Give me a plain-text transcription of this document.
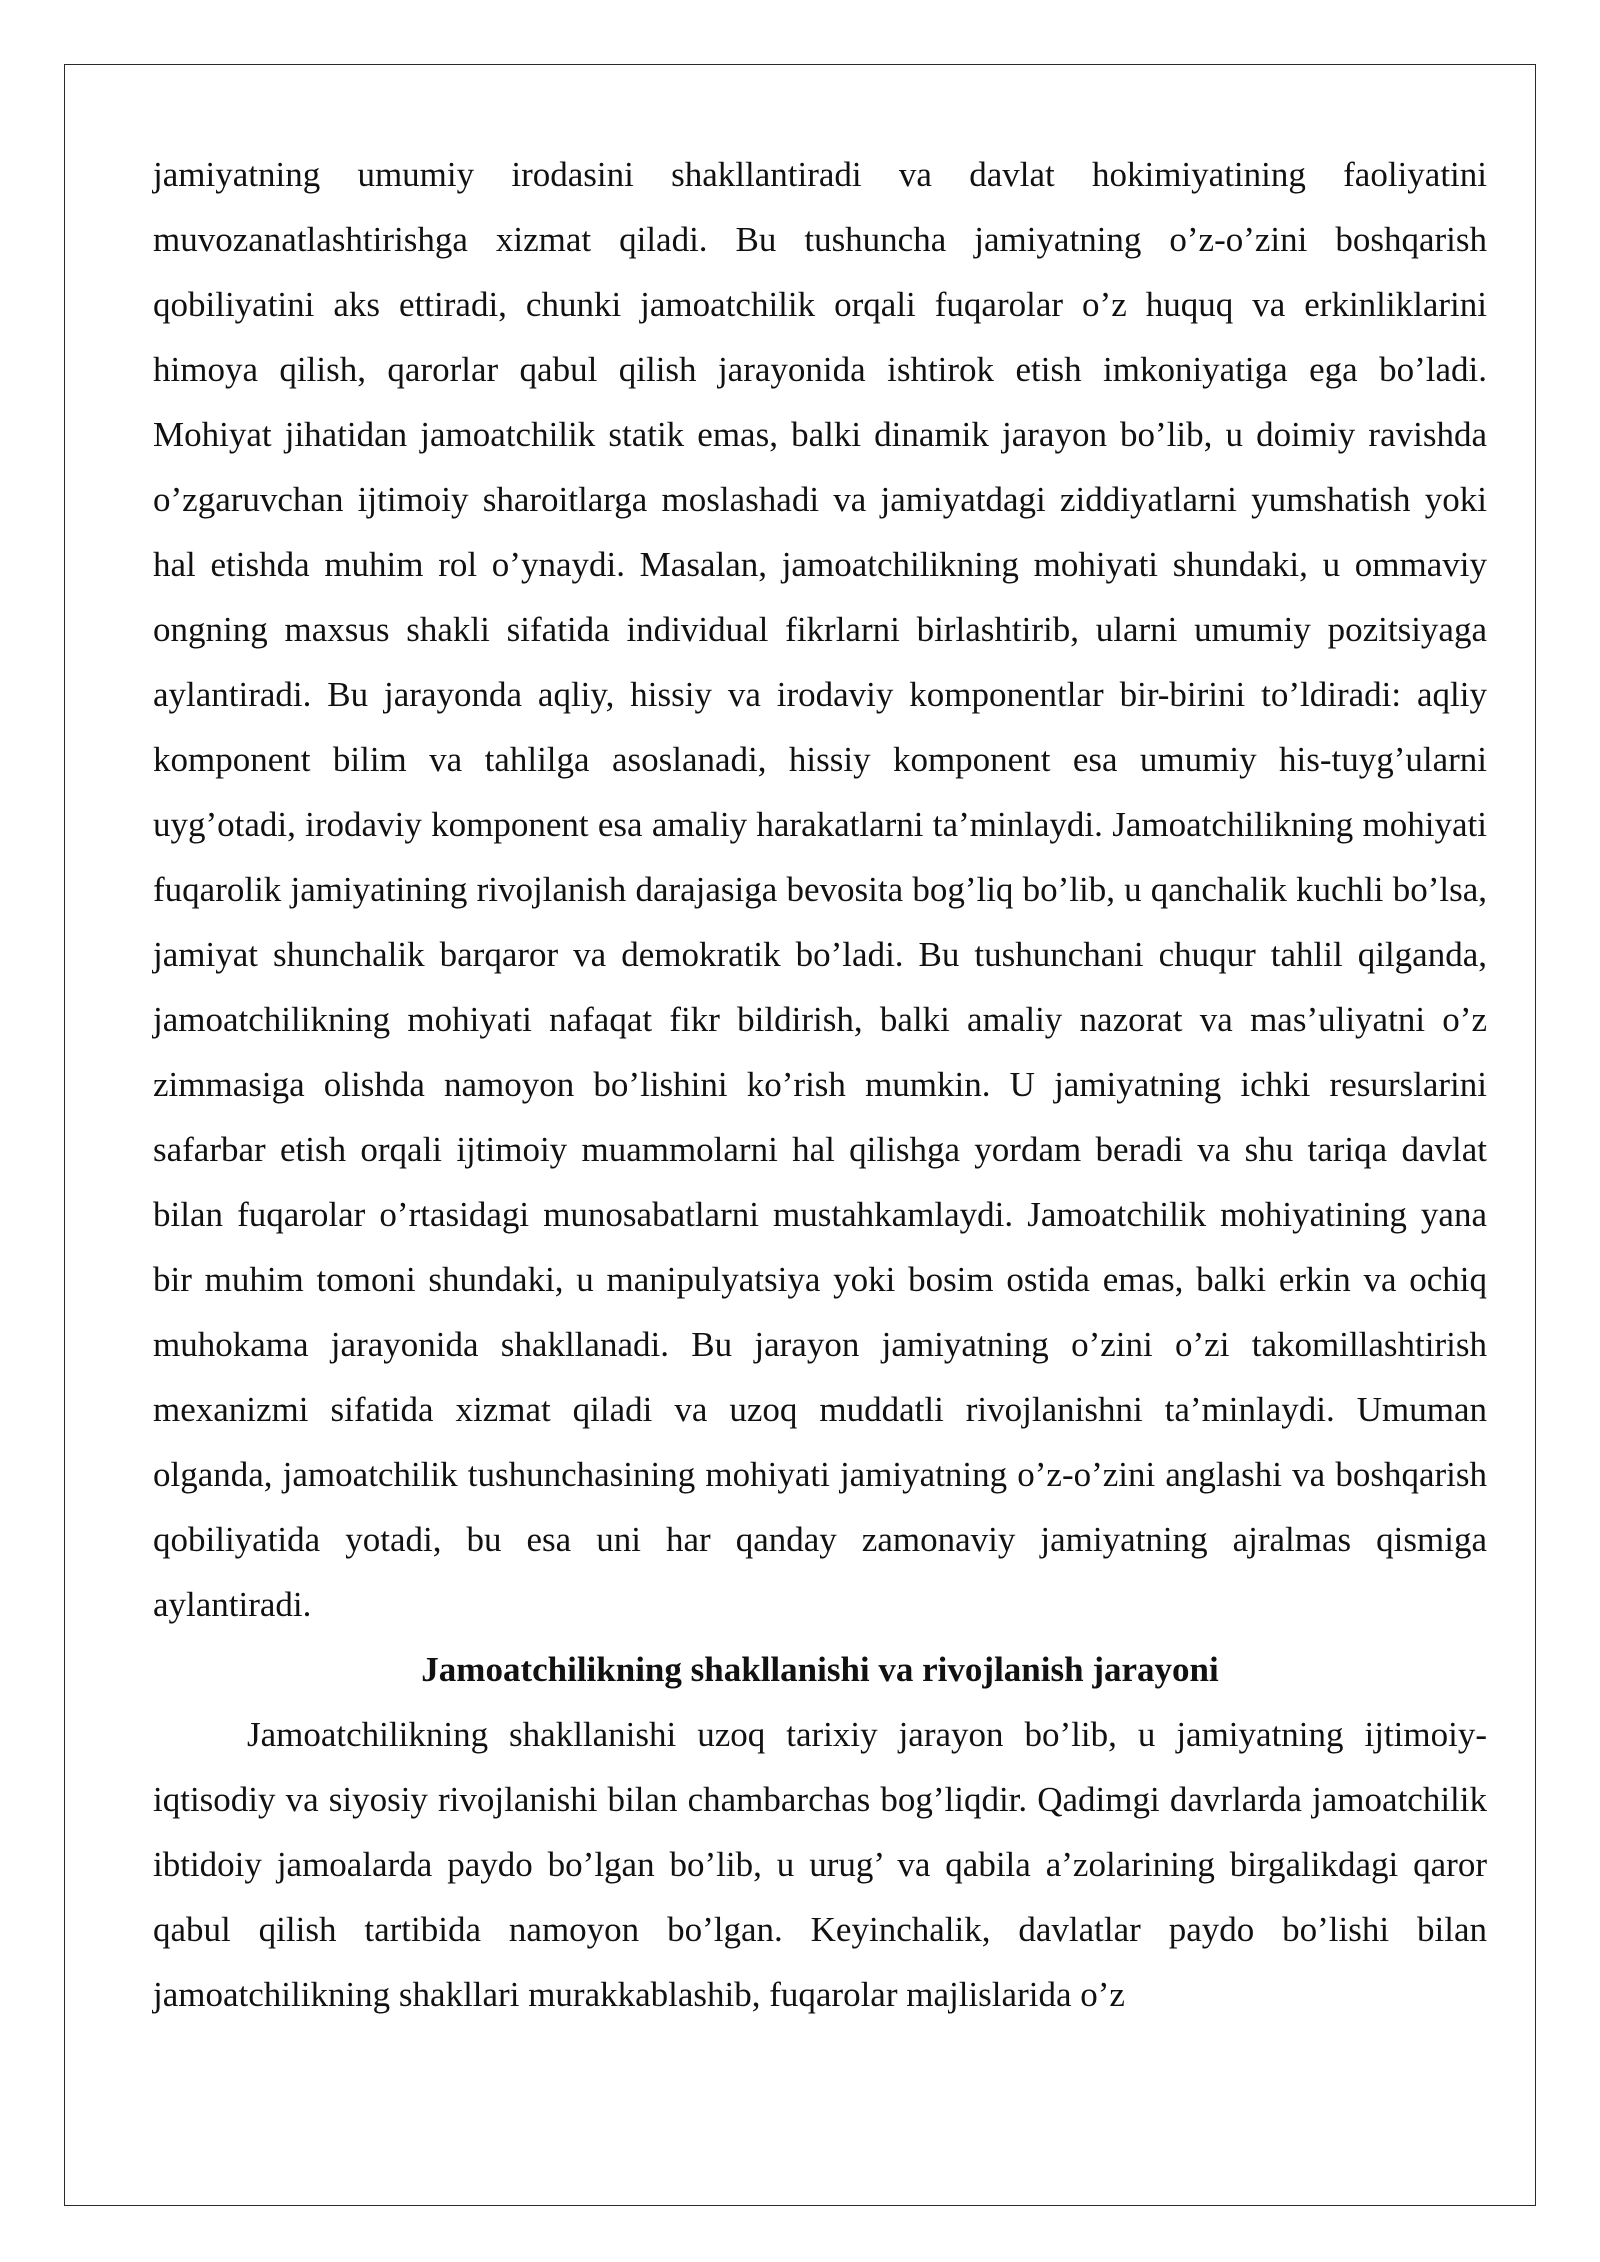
jamiyatning umumiy irodasini shakllantiradi va davlat hokimiyatining faoliyatini muvozanatlashtirishga xizmat qiladi. Bu tushuncha jamiyatning o’z-o’zini boshqarish qobiliyatini aks ettiradi, chunki jamoatchilik orqali fuqarolar o’z huquq va erkinliklarini himoya qilish, qarorlar qabul qilish jarayonida ishtirok etish imkoniyatiga ega bo’ladi. Mohiyat jihatidan jamoatchilik statik emas, balki dinamik jarayon bo’lib, u doimiy ravishda o’zgaruvchan ijtimoiy sharoitlarga moslashadi va jamiyatdagi ziddiyatlarni yumshatish yoki hal etishda muhim rol o’ynaydi. Masalan, jamoatchilikning mohiyati shundaki, u ommaviy ongning maxsus shakli sifatida individual fikrlarni birlashtirib, ularni umumiy pozitsiyaga aylantiradi. Bu jarayonda aqliy, hissiy va irodaviy komponentlar bir-birini to’ldiradi: aqliy komponent bilim va tahlilga asoslanadi, hissiy komponent esa umumiy his-tuyg’ularni uyg’otadi, irodaviy komponent esa amaliy harakatlarni ta’minlaydi. Jamoatchilikning mohiyati fuqarolik jamiyatining rivojlanish darajasiga bevosita bog’liq bo’lib, u qanchalik kuchli bo’lsa, jamiyat shunchalik barqaror va demokratik bo’ladi. Bu tushunchani chuqur tahlil qilganda, jamoatchilikning mohiyati nafaqat fikr bildirish, balki amaliy nazorat va mas’uliyatni o’z zimmasiga olishda namoyon bo’lishini ko’rish mumkin. U jamiyatning ichki resurslarini safarbar etish orqali ijtimoiy muammolarni hal qilishga yordam beradi va shu tariqa davlat bilan fuqarolar o’rtasidagi munosabatlarni mustahkamlaydi. Jamoatchilik mohiyatining yana bir muhim tomoni shundaki, u manipulyatsiya yoki bosim ostida emas, balki erkin va ochiq muhokama jarayonida shakllanadi. Bu jarayon jamiyatning o’zini o’zi takomillashtirish mexanizmi sifatida xizmat qiladi va uzoq muddatli rivojlanishni ta’minlaydi. Umuman olganda, jamoatchilik tushunchasining mohiyati jamiyatning o’z-o’zini anglashi va boshqarish qobiliyatida yotadi, bu esa uni har qanday zamonaviy jamiyatning ajralmas qismiga aylantiradi.

Jamoatchilikning shakllanishi va rivojlanish jarayoni

Jamoatchilikning shakllanishi uzoq tarixiy jarayon bo’lib, u jamiyatning ijtimoiy-iqtisodiy va siyosiy rivojlanishi bilan chambarchas bog’liqdir. Qadimgi davrlarda jamoatchilik ibtidoiy jamoalarda paydo bo’lgan bo’lib, u urug’ va qabila a’zolarining birgalikdagi qaror qabul qilish tartibida namoyon bo’lgan. Keyinchalik, davlatlar paydo bo’lishi bilan jamoatchilikning shakllari murakkablashib, fuqarolar majlislarida o’z
